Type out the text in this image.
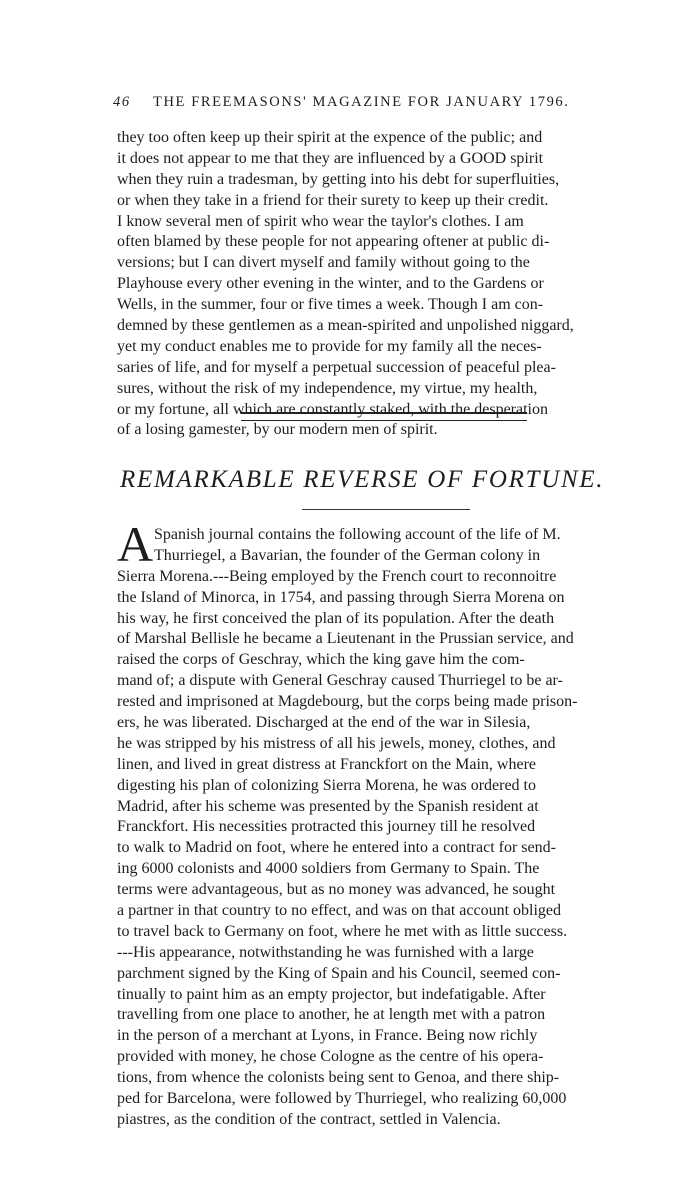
46 THE FREEMASONS' MAGAZINE FOR JANUARY 1796.
they too often keep up their spirit at the expence of the public; and
it does not appear to me that they are influenced by a GOOD spirit
when they ruin a tradesman, by getting into his debt for superfluities,
or when they take in a friend for their surety to keep up their credit.
I know several men of spirit who wear the taylor's clothes. I am
often blamed by these people for not appearing oftener at public di-
versions; but I can divert myself and family without going to the
Playhouse every other evening in the winter, and to the Gardens or
Wells, in the summer, four or five times a week. Though I am con-
demned by these gentlemen as a mean-spirited and unpolished niggard,
yet my conduct enables me to provide for my family all the neces-
saries of life, and for myself a perpetual succession of peaceful plea-
sures, without the risk of my independence, my virtue, my health,
or my fortune, all which are constantly staked, with the desperation
of a losing gamester, by our modern men of spirit.
REMARKABLE REVERSE OF FORTUNE.
A Spanish journal contains the following account of the life of M.
Thurriegel, a Bavarian, the founder of the German colony in
Sierra Morena.---Being employed by the French court to reconnoitre
the Island of Minorca, in 1754, and passing through Sierra Morena on
his way, he first conceived the plan of its population. After the death
of Marshal Bellisle he became a Lieutenant in the Prussian service, and
raised the corps of Geschray, which the king gave him the com-
mand of; a dispute with General Geschray caused Thurriegel to be ar-
rested and imprisoned at Magdebourg, but the corps being made prison-
ers, he was liberated. Discharged at the end of the war in Silesia,
he was stripped by his mistress of all his jewels, money, clothes, and
linen, and lived in great distress at Franckfort on the Main, where
digesting his plan of colonizing Sierra Morena, he was ordered to
Madrid, after his scheme was presented by the Spanish resident at
Franckfort. His necessities protracted this journey till he resolved
to walk to Madrid on foot, where he entered into a contract for send-
ing 6000 colonists and 4000 soldiers from Germany to Spain. The
terms were advantageous, but as no money was advanced, he sought
a partner in that country to no effect, and was on that account obliged
to travel back to Germany on foot, where he met with as little success.
---His appearance, notwithstanding he was furnished with a large
parchment signed by the King of Spain and his Council, seemed con-
tinually to paint him as an empty projector, but indefatigable. After
travelling from one place to another, he at length met with a patron
in the person of a merchant at Lyons, in France. Being now richly
provided with money, he chose Cologne as the centre of his opera-
tions, from whence the colonists being sent to Genoa, and there ship-
ped for Barcelona, were followed by Thurriegel, who realizing 60,000
piastres, as the condition of the contract, settled in Valencia.
